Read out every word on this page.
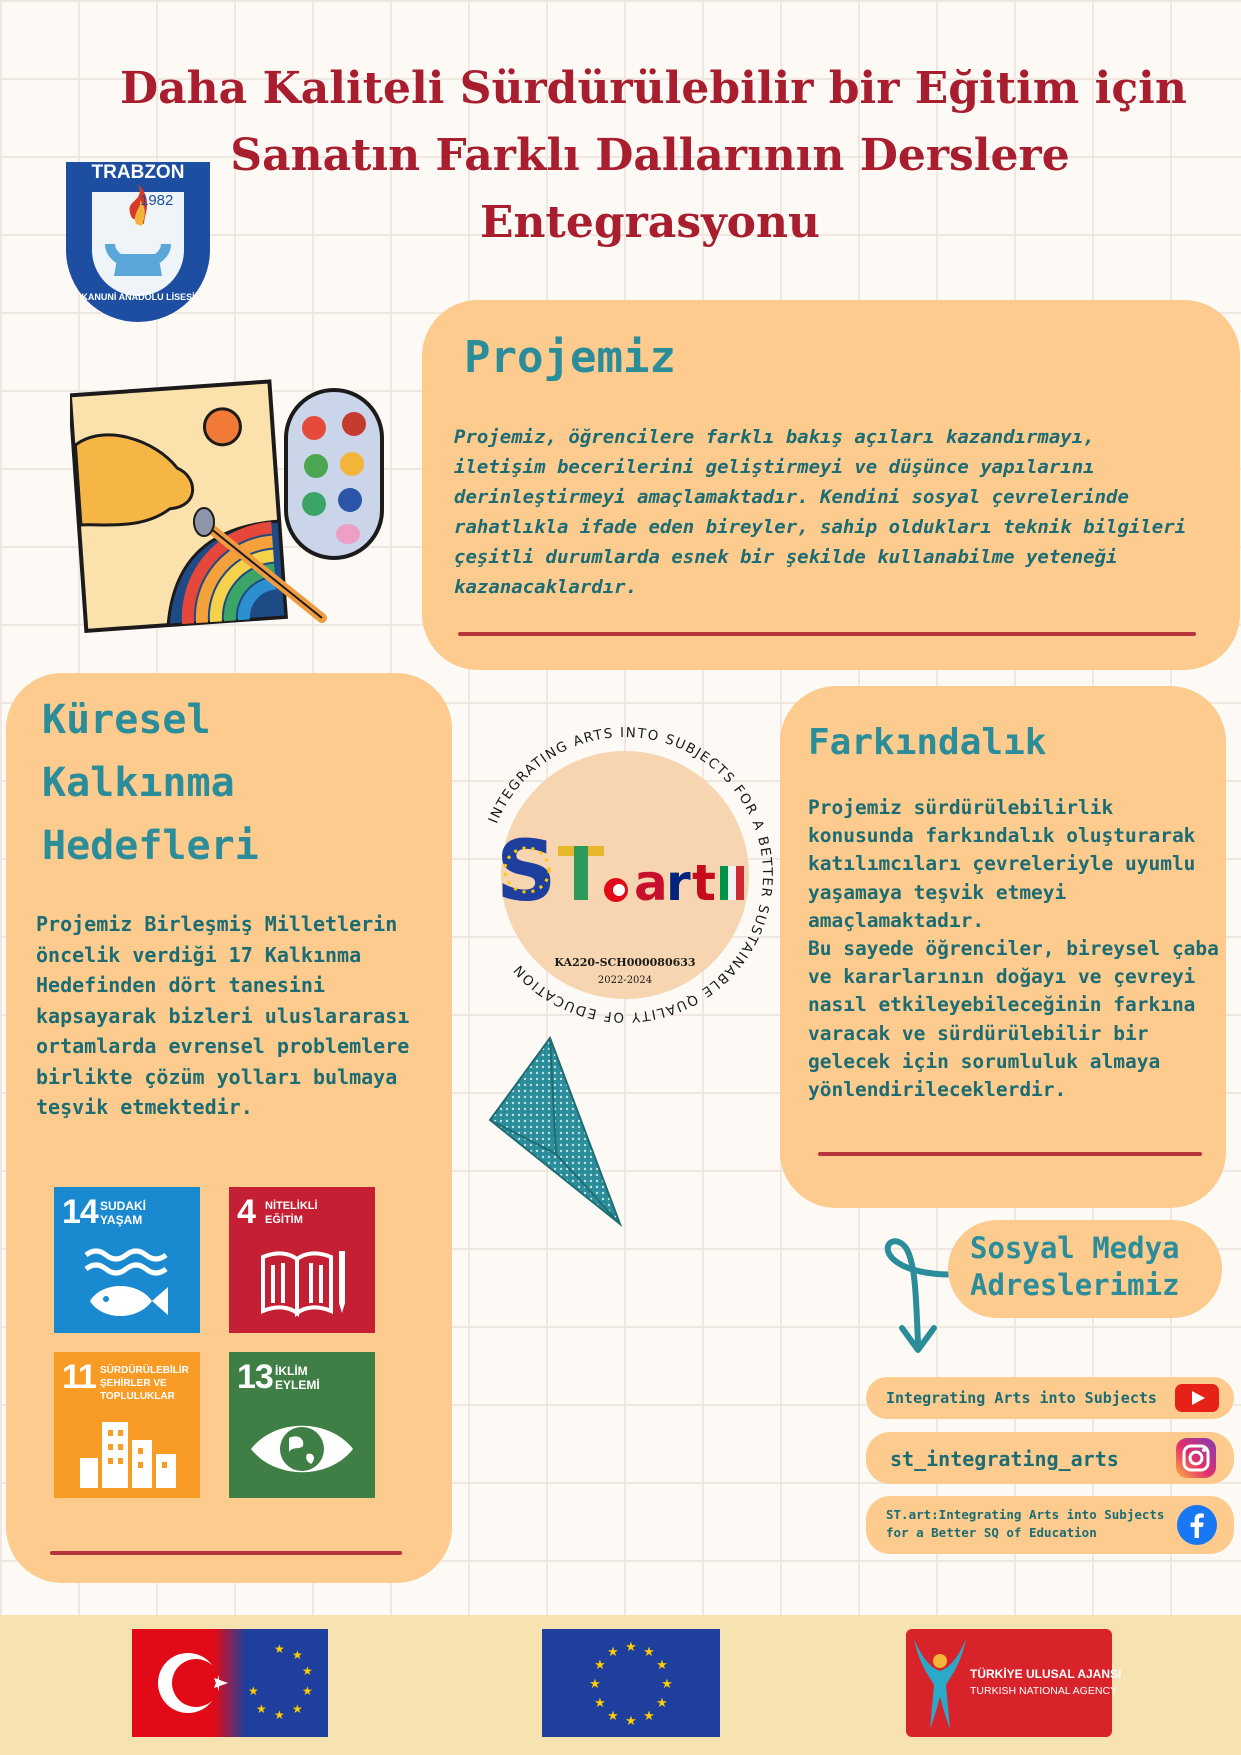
Daha Kaliteli Sürdürülebilir bir Eğitim için
Sanatın Farklı Dallarının Derslere
Entegrasyonu
TRABZON
1982
KANUNİ ANADOLU LİSESİ
Projemiz
Projemiz, öğrencilere farklı bakış açıları kazandırmayı, iletişim becerilerini geliştirmeyi ve düşünce yapılarını derinleştirmeyi amaçlamaktadır. Kendini sosyal çevrelerinde rahatlıkla ifade eden bireyler, sahip oldukları teknik bilgileri çeşitli durumlarda esnek bir şekilde kullanabilme yeteneği kazanacaklardır.
Küresel
Kalkınma
Hedefleri
Projemiz Birleşmiş Milletlerin öncelik verdiği 17 Kalkınma Hedefinden dört tanesini kapsayarak bizleri uluslararası ortamlarda evrensel problemlere birlikte çözüm yolları bulmaya teşvik etmektedir.
14 SUDAKİ
YAŞAM	4 NİTELİKLİ
EĞİTİM
11 SÜRDÜRÜLEBİLİR
ŞEHİRLER VE
TOPLULUKLAR
13 İKLİM
EYLEMİ
INTEGRATING ARTS INTO SUBJECTS FOR A BETTER SUSTAINABLE QUALITY OF EDUCATION
S a
r t
KA220-SCH000080633
2022-2024
Farkındalık
Projemiz sürdürülebilirlik konusunda farkındalık oluşturarak katılımcıları çevreleriyle uyumlu yaşamaya teşvik etmeyi amaçlamaktadır.
Bu sayede öğrenciler, bireysel çaba ve kararlarının doğayı ve çevreyi nasıl etkileyebileceğinin farkına varacak ve sürdürülebilir bir gelecek için sorumluluk almaya yönlendirileceklerdir.
Sosyal Medya
Adreslerimiz
Integrating Arts into Subjects
st_integrating_arts
ST.art:Integrating Arts into Subjects
for a Better SQ of Education
★ ★
★
★
★
★
★
★
★ ★
★
★
★
★
★
★
★
★
★
★
TÜRKİYE ULUSAL AJANSI
TURKISH NATIONAL AGENCY
